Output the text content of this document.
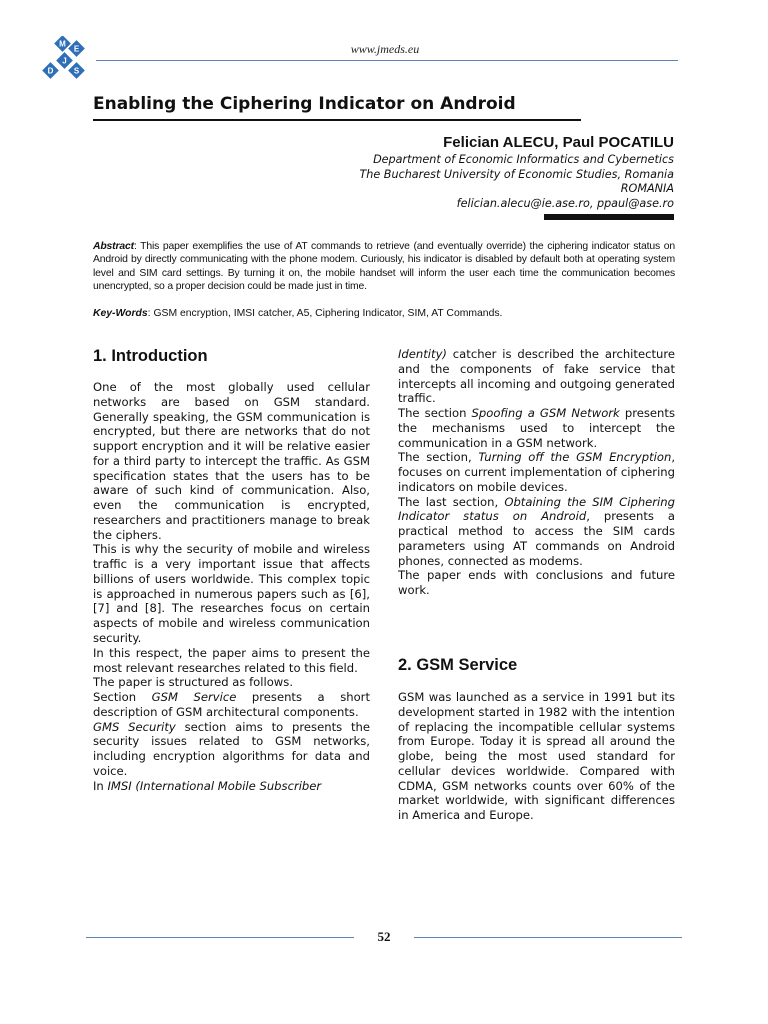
M
E
J
D	S
www.jmeds.eu
Enabling the Ciphering Indicator on Android
Felician ALECU, Paul POCATILU
Department of Economic Informatics and Cybernetics
The Bucharest University of Economic Studies, Romania
ROMANIA
felician.alecu@ie.ase.ro, ppaul@ase.ro

Abstract: This paper exemplifies the use of AT commands to retrieve (and eventually override) the ciphering indicator status on Android by directly communicating with the phone modem. Curiously, his indicator is disabled by default both at operating system level and SIM card settings. By turning it on, the mobile handset will inform the user each time the communication becomes unencrypted, so a proper decision could be made just in time.

Key-Words: GSM encryption, IMSI catcher, A5, Ciphering Indicator, SIM, AT Commands.

1. Introduction

One of the most globally used cellular networks are based on GSM standard. Generally speaking, the GSM communication is encrypted, but there are networks that do not support encryption and it will be relative easier for a third party to intercept the traffic. As GSM specification states that the users has to be aware of such kind of communication. Also, even the communication is encrypted, researchers and practitioners manage to break the ciphers.

This is why the security of mobile and wireless traffic is a very important issue that affects billions of users worldwide. This complex topic is approached in numerous papers such as [6], [7] and [8]. The researches focus on certain aspects of mobile and wireless communication security.

In this respect, the paper aims to present the most relevant researches related to this field.

The paper is structured as follows.

Section GSM Service presents a short description of GSM architectural components.

GMS Security section aims to presents the security issues related to GSM networks, including encryption algorithms for data and voice.

In IMSI (International Mobile Subscriber

Identity) catcher is described the architecture and the components of fake service that intercepts all incoming and outgoing generated traffic.

The section Spoofing a GSM Network presents the mechanisms used to intercept the communication in a GSM network.

The section, Turning off the GSM Encryption, focuses on current implementation of ciphering indicators on mobile devices.

The last section, Obtaining the SIM Ciphering Indicator status on Android, presents a practical method to access the SIM cards parameters using AT commands on Android phones, connected as modems.

The paper ends with conclusions and future work.

2. GSM Service

GSM was launched as a service in 1991 but its development started in 1982 with the intention of replacing the incompatible cellular systems from Europe. Today it is spread all around the globe, being the most used standard for cellular devices worldwide. Compared with CDMA, GSM networks counts over 60% of the market worldwide, with significant differences in America and Europe.

52
